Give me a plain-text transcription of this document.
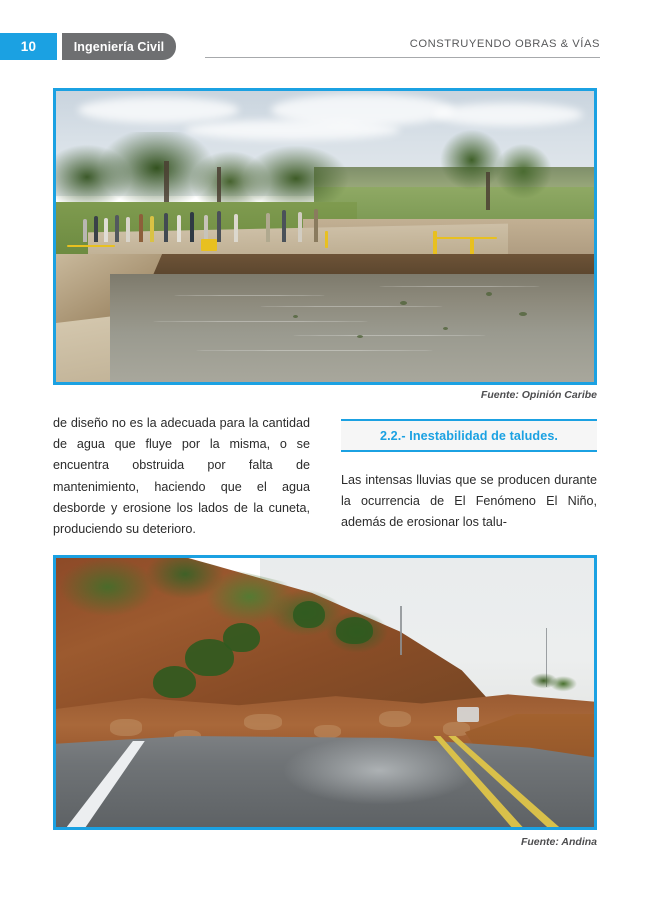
10	Ingeniería Civil	CONSTRUYENDO OBRAS & VÍAS
Fuente: Opinión Caribe
de diseño no es la adecuada para la cantidad de agua que fluye por la misma, o se encuentra obstruida por falta de mantenimiento, haciendo que el agua desborde y erosione los lados de la cuneta, produciendo su deterioro.
2.2.- Inestabilidad de taludes.
Las intensas lluvias que se producen durante la ocurrencia de El Fenómeno El Niño, además de erosionar los talu-
Fuente: Andina
